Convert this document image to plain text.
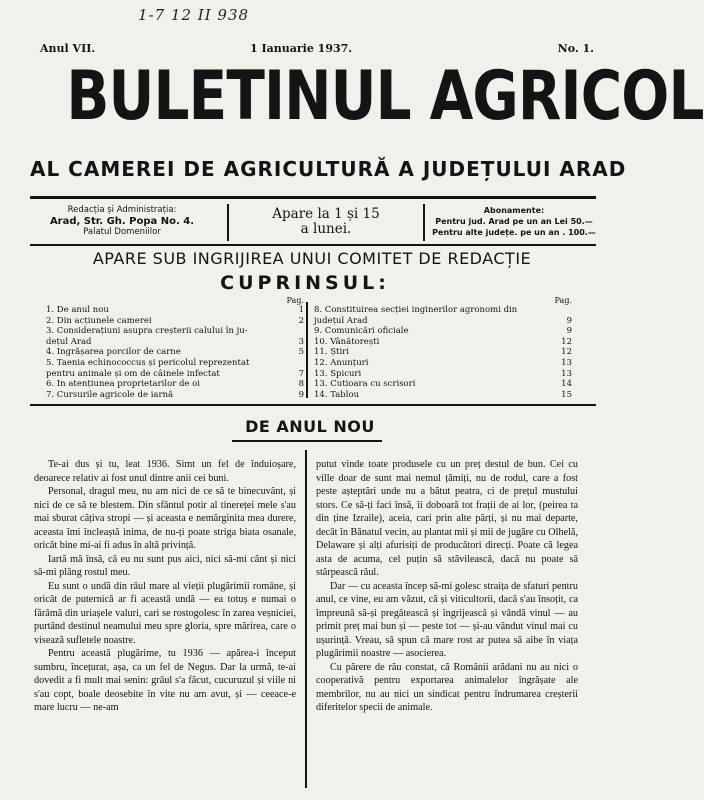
1-7 12 II 938
Anul VII.	1 Ianuarie 1937.	No. 1.
BULETINUL AGRICOL
AL CAMEREI DE AGRICULTURĂ A JUDEȚULUI ARAD
Redacția și Administrația:
Arad, Str. Gh. Popa No. 4.
Palatul Domeniilor
Apare la 1 și 15
a lunei.
Abonamente:
Pentru jud. Arad pe un an Lei 50.—
Pentru alte județe. pe un an . 100.—
APARE SUB INGRIJIREA UNUI COMITET DE REDACȚIE
CUPRINSUL:
Pag.
1. De anul nou	1
2. Din acțiunele camerei	2
3. Considerațiuni asupra creșterii calului în ju-
dețul Arad	3
4. Ingrășarea porcilor de carne	5
5. Taenia echinococcus și pericolul reprezentat
pentru animale și om de câinele infectat	7
6. In atențiunea proprietarilor de oi	8
7. Cursurile agricole de iarnă	9
Pag.
8. Constituirea secției inginerilor agronomi din
județul Arad	9
9. Comunicări oficiale	9
10. Vânătorești	12
11. Știri	12
12. Anunțuri	13
13. Spicuri	13
13. Cutioara cu scrisori	14
14. Tablou	15
DE ANUL NOU

Te-ai dus și tu, leat 1936. Simt un fel de înduioșare, deoarece relativ ai fost unul dintre anii cei buni.

Personal, dragul meu, nu am nici de ce să te binecuvânt, și nici de ce să te blestem. Din sfântul potir al tinereței mele s'au mai sburat câțiva stropi — și aceasta e nemărginita mea durere, aceasta îmi încleaștă inima, de nu-ți poate striga biata osanale, oricât bine mi-ai fi adus în altă privință.

Iartă mă însă, că eu nu sunt pus aici, nici să-mi cânt și nici să-mi plâng rostul meu.

Eu sunt o undă din râul mare al vieții plugărimii române, și oricât de puternică ar fi aceastâ undă — ea totuș e numai o fărâmă din uriașele valuri, cari se rostogolesc în zarea veșniciei, purtând destinul neamului meu spre gloria, spre mărirea, care o visează sufletele noastre.

Pentru această plugărime, tu 1936 — apărea-i început sumbru, încețurat, așa, ca un fel de Negus. Dar la urmă, te-ai dovedit a fi mult mai senin: grâul s'a făcut, cucuruzul și viile ni s'au copt, boale deosebite în vite nu am avut, și — ceeace-e mare lucru — ne-am

putut vinde toate produsele cu un preț destul de bun. Cei cu ville doar de sunt mai nemul țămiți, nu de rodul, care a fost peste așteptări unde nu a bătut peatra, ci de prețul mustului stors. Ce să-ți faci însă, îi doboară tot frații de ai lor, (peirea ta din ține Izraile), aceia, cari prin alte părți, și nu mai departe, decât în Bănatul vecin, au plantat mii și mii de jugăre cu Olhelă, Delaware și alți afurisiți de producători direcți. Poate că legea asta de acuma, cel puțin să stăvilească, dacă nu poate să stârpească răul.

Dar — cu aceasta încep să-mi golesc straița de sfaturi pentru anul, ce vine, eu am văzut, că și viticultorii, dacă s'au însoțit, ca împreună să-și pregătească și îngrijească și vândă vinul — au primit preț mai bun și — peste tot — și-au vândut vinul mai cu ușurință. Vreau, să spun că mare rost ar putea să aibe în viața plugărimii noastre — asocierea.

Cu părere de rău constat, că Românii arădani nu au nici o cooperativă pentru exportarea animalelor îngrășate ale membrilor, nu au nici un sindicat pentru îndrumarea creșterii diferitelor specii de animale.
